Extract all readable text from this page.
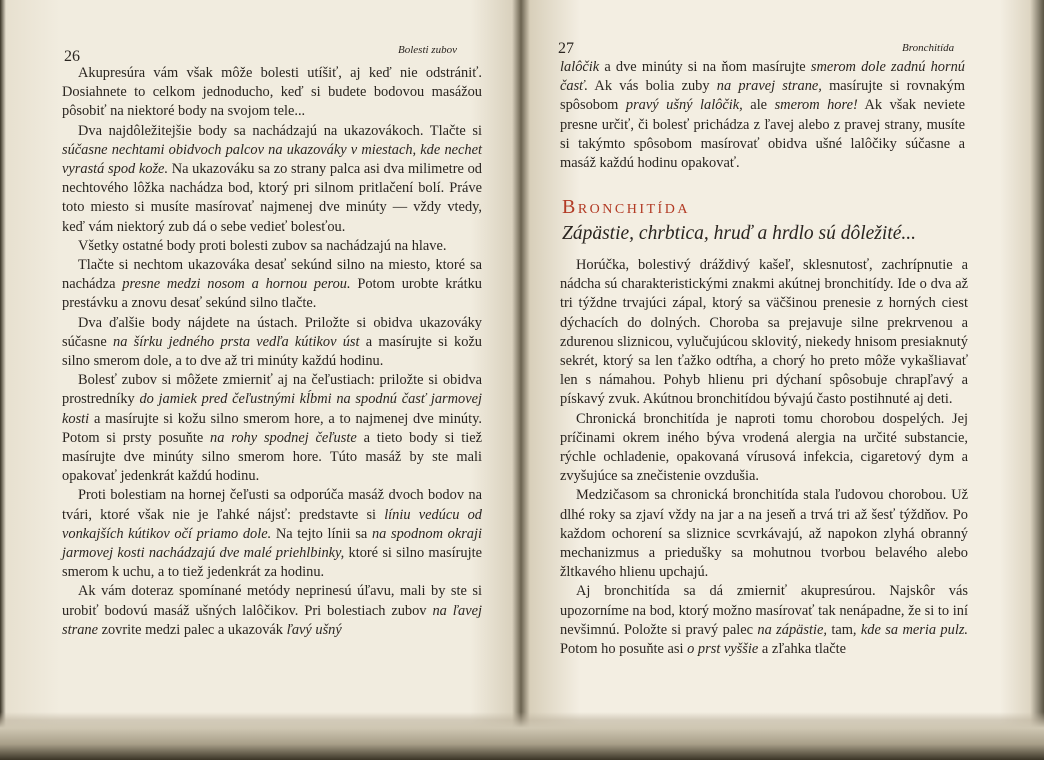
26	Bolesti zubov

Akupresúra vám však môže bolesti utíšiť, aj keď nie odstrániť. Dosiahnete to celkom jednoducho, keď si budete bodovou masážou pôsobiť na niektoré body na svojom tele...

Dva najdôležitejšie body sa nachádzajú na ukazovákoch. Tlačte si súčasne nechtami obidvoch palcov na ukazováky v miestach, kde nechet vyrastá spod kože. Na ukazováku sa zo strany palca asi dva milimetre od nechtového lôžka nachádza bod, ktorý pri silnom pritlačení bolí. Práve toto miesto si musíte masírovať najmenej dve minúty — vždy vtedy, keď vám niektorý zub dá o sebe vedieť bolesťou.

Všetky ostatné body proti bolesti zubov sa nachádzajú na hlave.

Tlačte si nechtom ukazováka desať sekúnd silno na miesto, ktoré sa nachádza presne medzi nosom a hornou perou. Potom urobte krátku prestávku a znovu desať sekúnd silno tlačte.

Dva ďalšie body nájdete na ústach. Priložte si obidva ukazováky súčasne na šírku jedného prsta vedľa kútikov úst a masírujte si kožu silno smerom dole, a to dve až tri minúty každú hodinu.

Bolesť zubov si môžete zmierniť aj na čeľustiach: priložte si obidva prostredníky do jamiek pred čeľustnými kĺbmi na spodnú časť jarmovej kosti a masírujte si kožu silno smerom hore, a to najmenej dve minúty. Potom si prsty posuňte na rohy spodnej čeľuste a tieto body si tiež masírujte dve minúty silno smerom hore. Túto masáž by ste mali opakovať jedenkrát každú hodinu.

Proti bolestiam na hornej čeľusti sa odporúča masáž dvoch bodov na tvári, ktoré však nie je ľahké nájsť: predstavte si líniu vedúcu od vonkajších kútikov očí priamo dole. Na tejto línii sa na spodnom okraji jarmovej kosti nachádzajú dve malé priehlbinky, ktoré si silno masírujte smerom k uchu, a to tiež jedenkrát za hodinu.

Ak vám doteraz spomínané metódy neprinesú úľavu, mali by ste si urobiť bodovú masáž ušných lalôčikov. Pri bolestiach zubov na ľavej strane zovrite medzi palec a ukazovák ľavý ušný

27	Bronchitída

lalôčik a dve minúty si na ňom masírujte smerom dole zadnú hornú časť. Ak vás bolia zuby na pravej strane, masírujte si rovnakým spôsobom pravý ušný lalôčik, ale smerom hore! Ak však neviete presne určiť, či bolesť prichádza z ľavej alebo z pravej strany, musíte si takýmto spôsobom masírovať obidva ušné lalôčiky súčasne a masáž každú hodinu opakovať.

Bronchitída
Zápästie, chrbtica, hruď a hrdlo sú dôležité...

Horúčka, bolestivý dráždivý kašeľ, sklesnutosť, zachrípnutie a nádcha sú charakteristickými znakmi akútnej bronchitídy. Ide o dva až tri týždne trvajúci zápal, ktorý sa väčšinou prenesie z horných ciest dýchacích do dolných. Choroba sa prejavuje silne prekrvenou a zdurenou sliznicou, vylučujúcou sklovitý, niekedy hnisom presiaknutý sekrét, ktorý sa len ťažko odtŕha, a chorý ho preto môže vykašliavať len s námahou. Pohyb hlienu pri dýchaní spôsobuje chrapľavý a pískavý zvuk. Akútnou bronchitídou bývajú často postihnuté aj deti.

Chronická bronchitída je naproti tomu chorobou dospelých. Jej príčinami okrem iného býva vrodená alergia na určité substancie, rýchle ochladenie, opakovaná vírusová infekcia, cigaretový dym a zvyšujúce sa znečistenie ovzdušia.

Medzičasom sa chronická bronchitída stala ľudovou chorobou. Už dlhé roky sa zjaví vždy na jar a na jeseň a trvá tri až šesť týždňov. Po každom ochorení sa sliznice scvrkávajú, až napokon zlyhá obranný mechanizmus a priedušky sa mohutnou tvorbou belavého alebo žltkavého hlienu upchajú.

Aj bronchitída sa dá zmierniť akupresúrou. Najskôr vás upozorníme na bod, ktorý možno masírovať tak nenápadne, že si to iní nevšimnú. Položte si pravý palec na zápästie, tam, kde sa meria pulz. Potom ho posuňte asi o prst vyššie a zľahka tlačte
